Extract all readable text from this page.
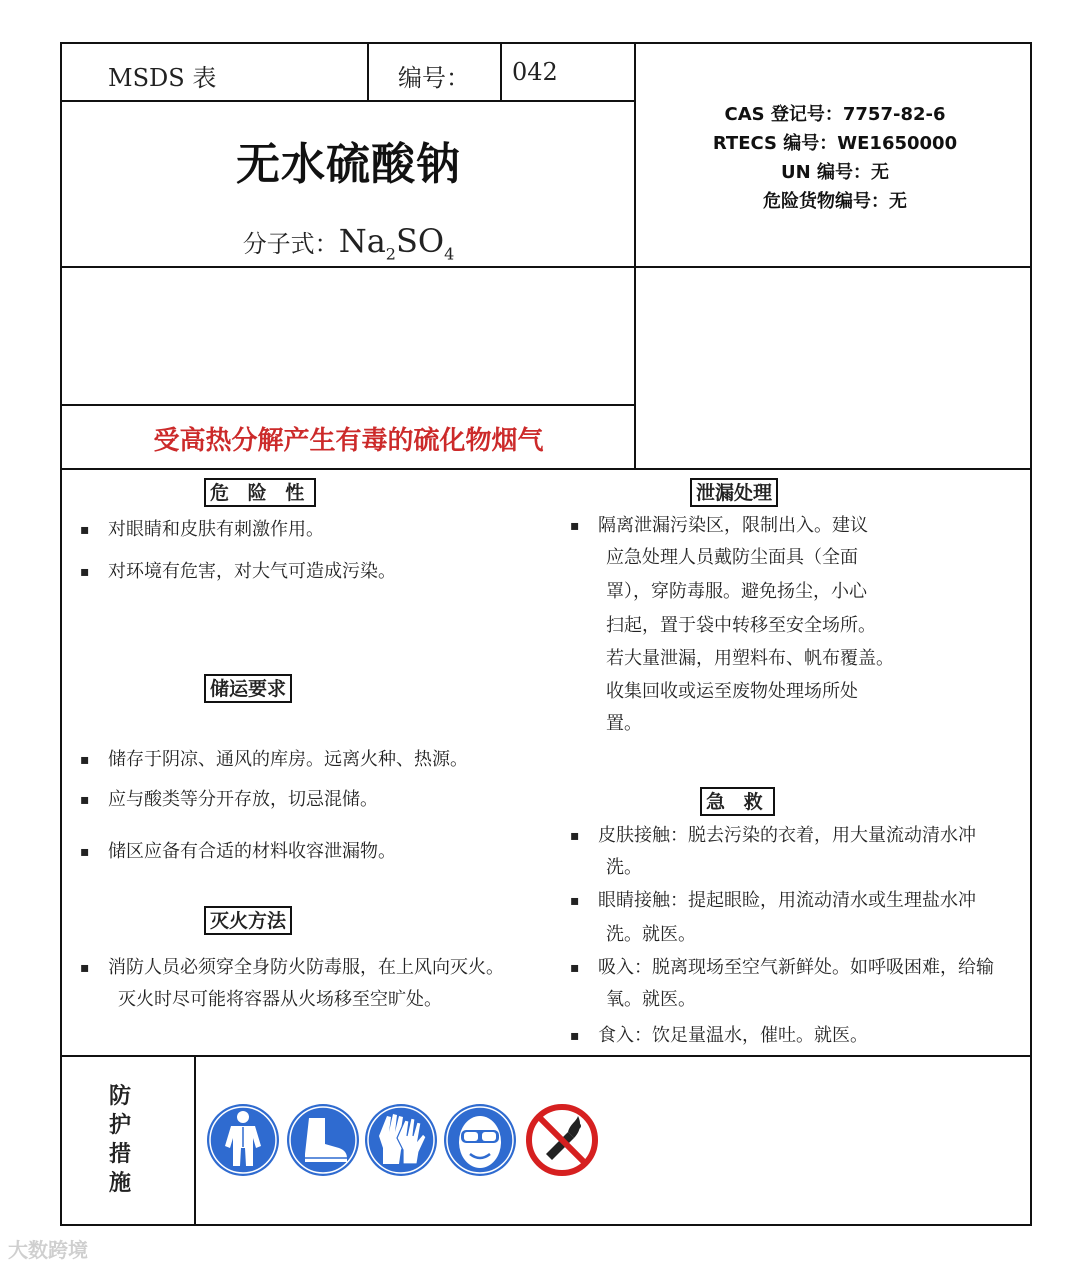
MSDS 表	编号： 042
无水硫酸钠
分子式：$Na_2SO_4$
CAS 登记号：7757-82-6
RTECS 编号：WE1650000
UN 编号：无
危险货物编号：无
受高热分解产生有毒的硫化物烟气
危 险 性
▪ 对眼睛和皮肤有刺激作用。
▪ 对环境有危害，对大气可造成污染。
储运要求
▪ 储存于阴凉、通风的库房。远离火种、热源。
▪ 应与酸类等分开存放，切忌混储。
▪ 储区应备有合适的材料收容泄漏物。
灭火方法
▪ 消防人员必须穿全身防火防毒服，在上风向灭火。
灭火时尽可能将容器从火场移至空旷处。
泄漏处理
▪ 隔离泄漏污染区，限制出入。建议
应急处理人员戴防尘面具（全面
罩），穿防毒服。避免扬尘，小心
扫起，置于袋中转移至安全场所。
若大量泄漏，用塑料布、帆布覆盖。
收集回收或运至废物处理场所处
置。
急 救
▪ 皮肤接触：脱去污染的衣着，用大量流动清水冲
洗。
▪ 眼睛接触：提起眼睑，用流动清水或生理盐水冲
洗。就医。
▪ 吸入：脱离现场至空气新鲜处。如呼吸困难，给输
氧。就医。
▪ 食入：饮足量温水，催吐。就医。
防
护
措
施
大数跨境
